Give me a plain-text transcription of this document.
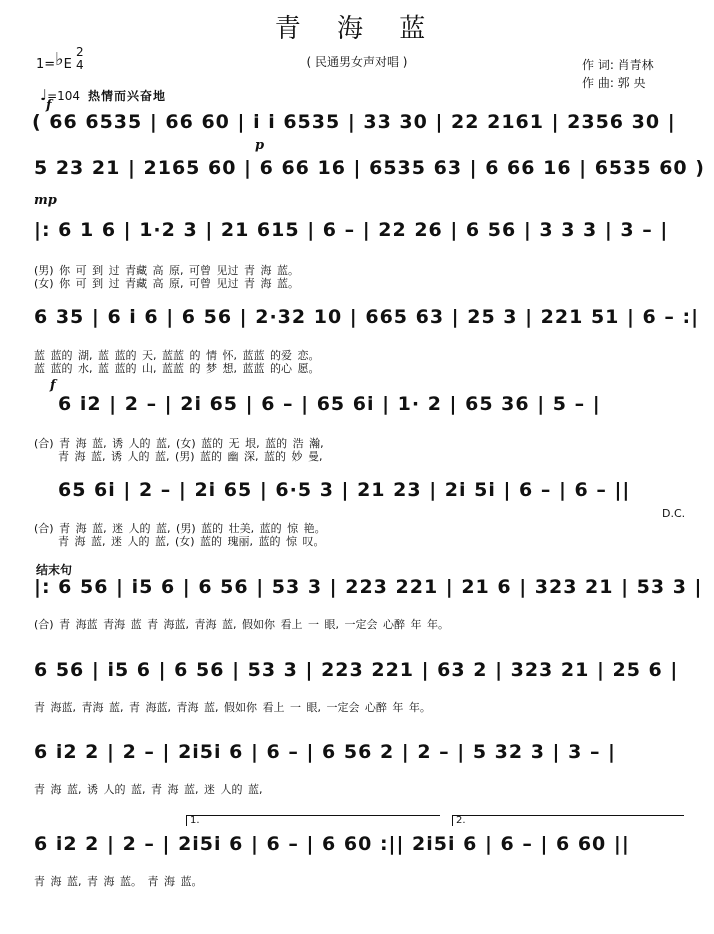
青 海 蓝
( 民通男女声对唱 )	作 词: 肖青林
作 曲: 郭 央
1=♭E
2
4
♩=104 热情而兴奋地
f
p
mp
f
( 66 6535 | 66 60 | i i 6535 | 33 30 | 22 2161 | 2356 30 |
5 23 21 | 2165 60 | 6 66 16 | 6535 63 | 6 66 16 | 6535 60 )
|: 6 1 6 | 1·2 3 | 21 615 | 6 – | 22 26 | 6 56 | 3 3 3 | 3 – |
(男) 你 可 到 过 青藏 高 原, 可曾 见过 青 海 蓝。
(女) 你 可 到 过 青藏 高 原, 可曾 见过 青 海 蓝。
6 35 | 6 i 6 | 6 56 | 2·32 10 | 665 63 | 25 3 | 221 51 | 6 – :|
蓝 蓝的 湖, 蓝 蓝的 天, 蓝蓝 的 情 怀, 蓝蓝 的爱 恋。
蓝 蓝的 水, 蓝 蓝的 山, 蓝蓝 的 梦 想, 蓝蓝 的心 愿。
6 i2 | 2 – | 2i 65 | 6 – | 65 6i | 1· 2 | 65 36 | 5 – |
(合) 青 海 蓝, 诱 人的 蓝, (女) 蓝的 无 垠, 蓝的 浩 瀚,
青 海 蓝, 诱 人的 蓝, (男) 蓝的 幽 深, 蓝的 妙 曼,
65 6i | 2 – | 2i 65 | 6·5 3 | 21 23 | 2i 5i | 6 – | 6 – ||
(合) 青 海 蓝, 迷 人的 蓝, (男) 蓝的 壮美, 蓝的 惊 艳。
青 海 蓝, 迷 人的 蓝, (女) 蓝的 瑰丽, 蓝的 惊 叹。
D.C.
结末句
|: 6 56 | i5 6 | 6 56 | 53 3 | 223 221 | 21 6 | 323 21 | 53 3 |
(合) 青 海蓝 青海 蓝 青 海蓝, 青海 蓝, 假如你 看上 一 眼, 一定会 心醉 年 年。
6 56 | i5 6 | 6 56 | 53 3 | 223 221 | 63 2 | 323 21 | 25 6 |
青 海蓝, 青海 蓝, 青 海蓝, 青海 蓝, 假如你 看上 一 眼, 一定会 心醉 年 年。
6 i2 2 | 2 – | 2i5i 6 | 6 – | 6 56 2 | 2 – | 5 32 3 | 3 – |
青 海 蓝, 诱 人的 蓝, 青 海 蓝, 迷 人的 蓝,
1.	2.
6 i2 2 | 2 – | 2i5i 6 | 6 – | 6 60 :|| 2i5i 6 | 6 – | 6 60 ||
青 海 蓝, 青 海 蓝。 青 海 蓝。
